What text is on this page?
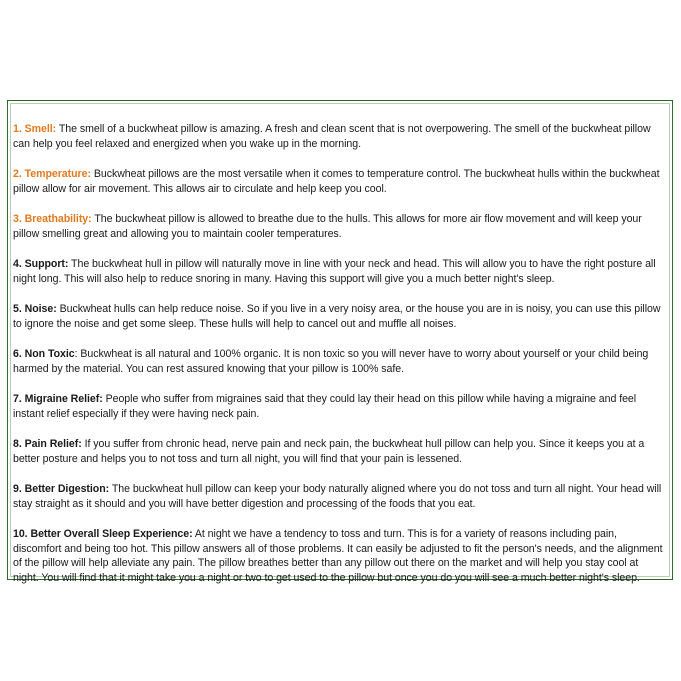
1. Smell: The smell of a buckwheat pillow is amazing. A fresh and clean scent that is not overpowering. The smell of the buckwheat pillow can help you feel relaxed and energized when you wake up in the morning.

2. Temperature: Buckwheat pillows are the most versatile when it comes to temperature control. The buckwheat hulls within the buckwheat pillow allow for air movement. This allows air to circulate and help keep you cool.

3. Breathability: The buckwheat pillow is allowed to breathe due to the hulls. This allows for more air flow movement and will keep your pillow smelling great and allowing you to maintain cooler temperatures.

4. Support: The buckwheat hull in pillow will naturally move in line with your neck and head. This will allow you to have the right posture all night long. This will also help to reduce snoring in many. Having this support will give you a much better night's sleep.

5. Noise: Buckwheat hulls can help reduce noise. So if you live in a very noisy area, or the house you are in is noisy, you can use this pillow to ignore the noise and get some sleep. These hulls will help to cancel out and muffle all noises.

6. Non Toxic: Buckwheat is all natural and 100% organic. It is non toxic so you will never have to worry about yourself or your child being harmed by the material. You can rest assured knowing that your pillow is 100% safe.

7. Migraine Relief: People who suffer from migraines said that they could lay their head on this pillow while having a migraine and feel instant relief especially if they were having neck pain.

8. Pain Relief: If you suffer from chronic head, nerve pain and neck pain, the buckwheat hull pillow can help you. Since it keeps you at a better posture and helps you to not toss and turn all night, you will find that your pain is lessened.

9. Better Digestion: The buckwheat hull pillow can keep your body naturally aligned where you do not toss and turn all night. Your head will stay straight as it should and you will have better digestion and processing of the foods that you eat.

10. Better Overall Sleep Experience: At night we have a tendency to toss and turn. This is for a variety of reasons including pain, discomfort and being too hot. This pillow answers all of those problems. It can easily be adjusted to fit the person's needs, and the alignment of the pillow will help alleviate any pain. The pillow breathes better than any pillow out there on the market and will help you stay cool at night. You will find that it might take you a night or two to get used to the pillow but once you do you will see a much better night's sleep.
